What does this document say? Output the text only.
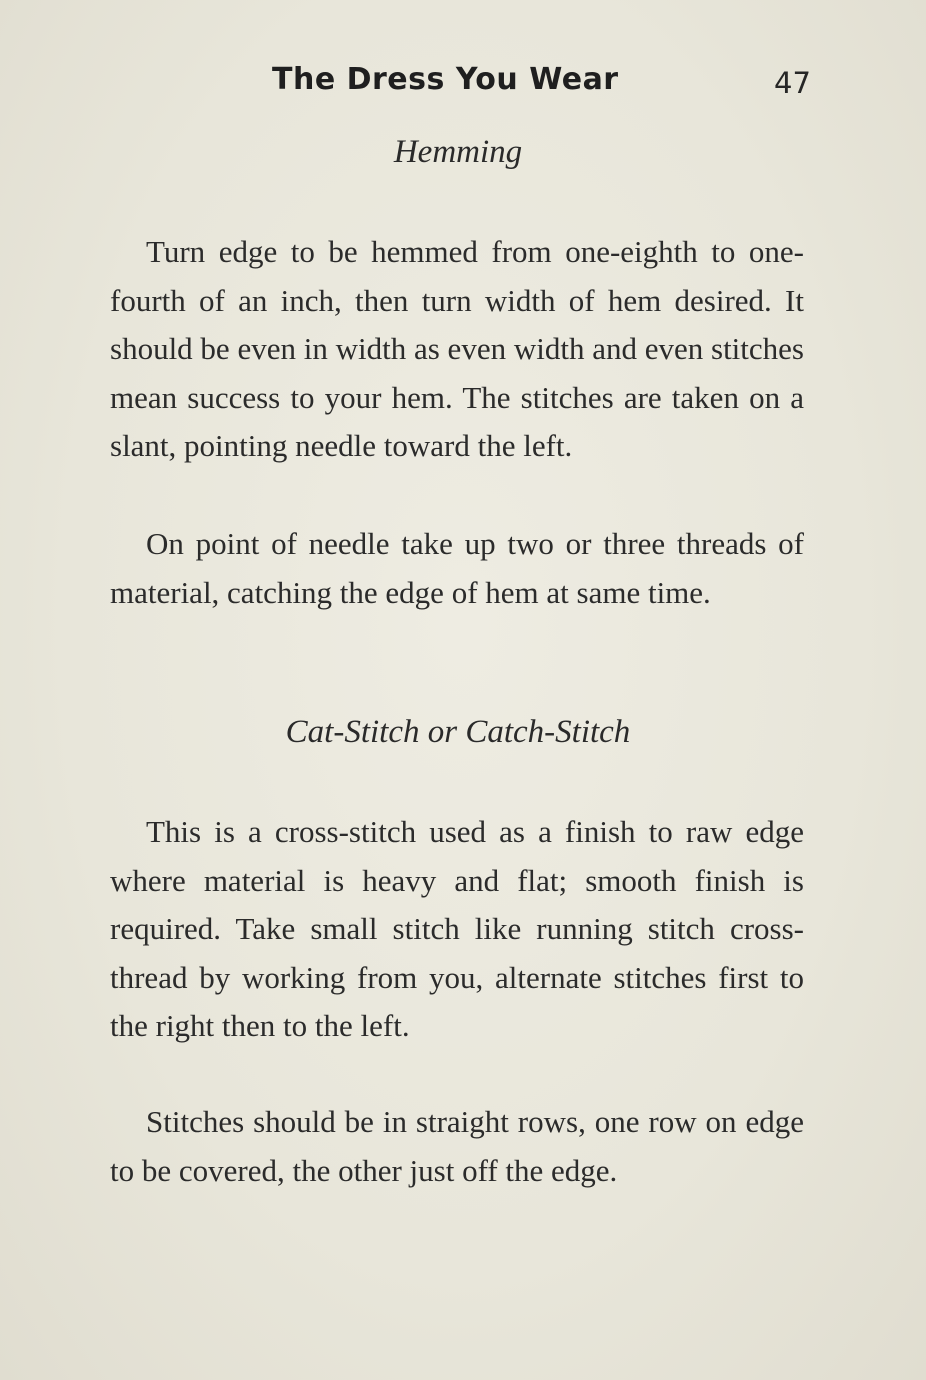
The Dress You Wear	47
Hemming

Turn edge to be hemmed from one-eighth to one-fourth of an inch, then turn width of hem desired. It should be even in width as even width and even stitches mean success to your hem. The stitches are taken on a slant, pointing needle toward the left.

On point of needle take up two or three threads of material, catching the edge of hem at same time.

Cat-Stitch or Catch-Stitch

This is a cross-stitch used as a finish to raw edge where material is heavy and flat; smooth finish is required. Take small stitch like running stitch cross-thread by working from you, alternate stitches first to the right then to the left.

Stitches should be in straight rows, one row on edge to be covered, the other just off the edge.
